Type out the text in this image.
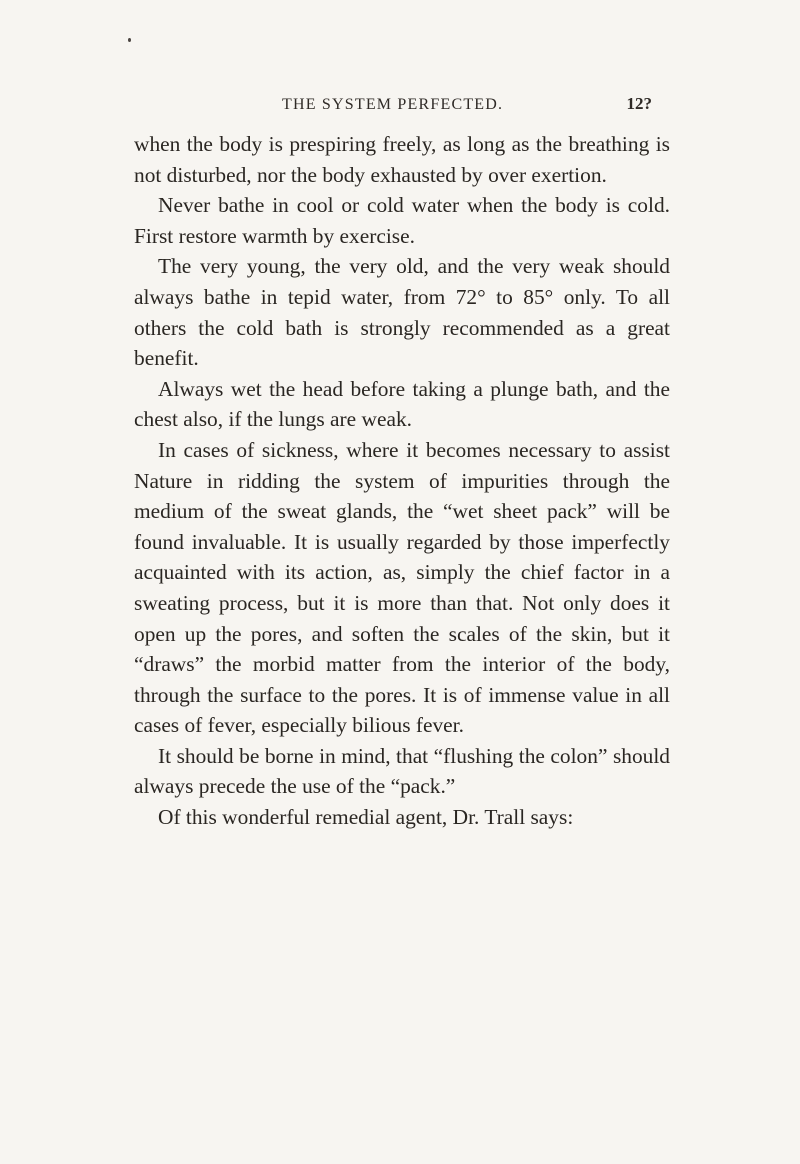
THE SYSTEM PERFECTED.	12?

when the body is prespiring freely, as long as the breathing is not disturbed, nor the body exhausted by over exertion.

Never bathe in cool or cold water when the body is cold. First restore warmth by exercise.

The very young, the very old, and the very weak should always bathe in tepid water, from 72° to 85° only. To all others the cold bath is strongly recommended as a great benefit.

Always wet the head before taking a plunge bath, and the chest also, if the lungs are weak.

In cases of sickness, where it becomes necessary to assist Nature in ridding the system of impurities through the medium of the sweat glands, the “wet sheet pack” will be found invaluable. It is usually regarded by those imperfectly acquainted with its action, as, simply the chief factor in a sweating process, but it is more than that. Not only does it open up the pores, and soften the scales of the skin, but it “draws” the morbid matter from the interior of the body, through the surface to the pores. It is of immense value in all cases of fever, especially bilious fever.

It should be borne in mind, that “flushing the colon” should always precede the use of the “pack.”

Of this wonderful remedial agent, Dr. Trall says:
